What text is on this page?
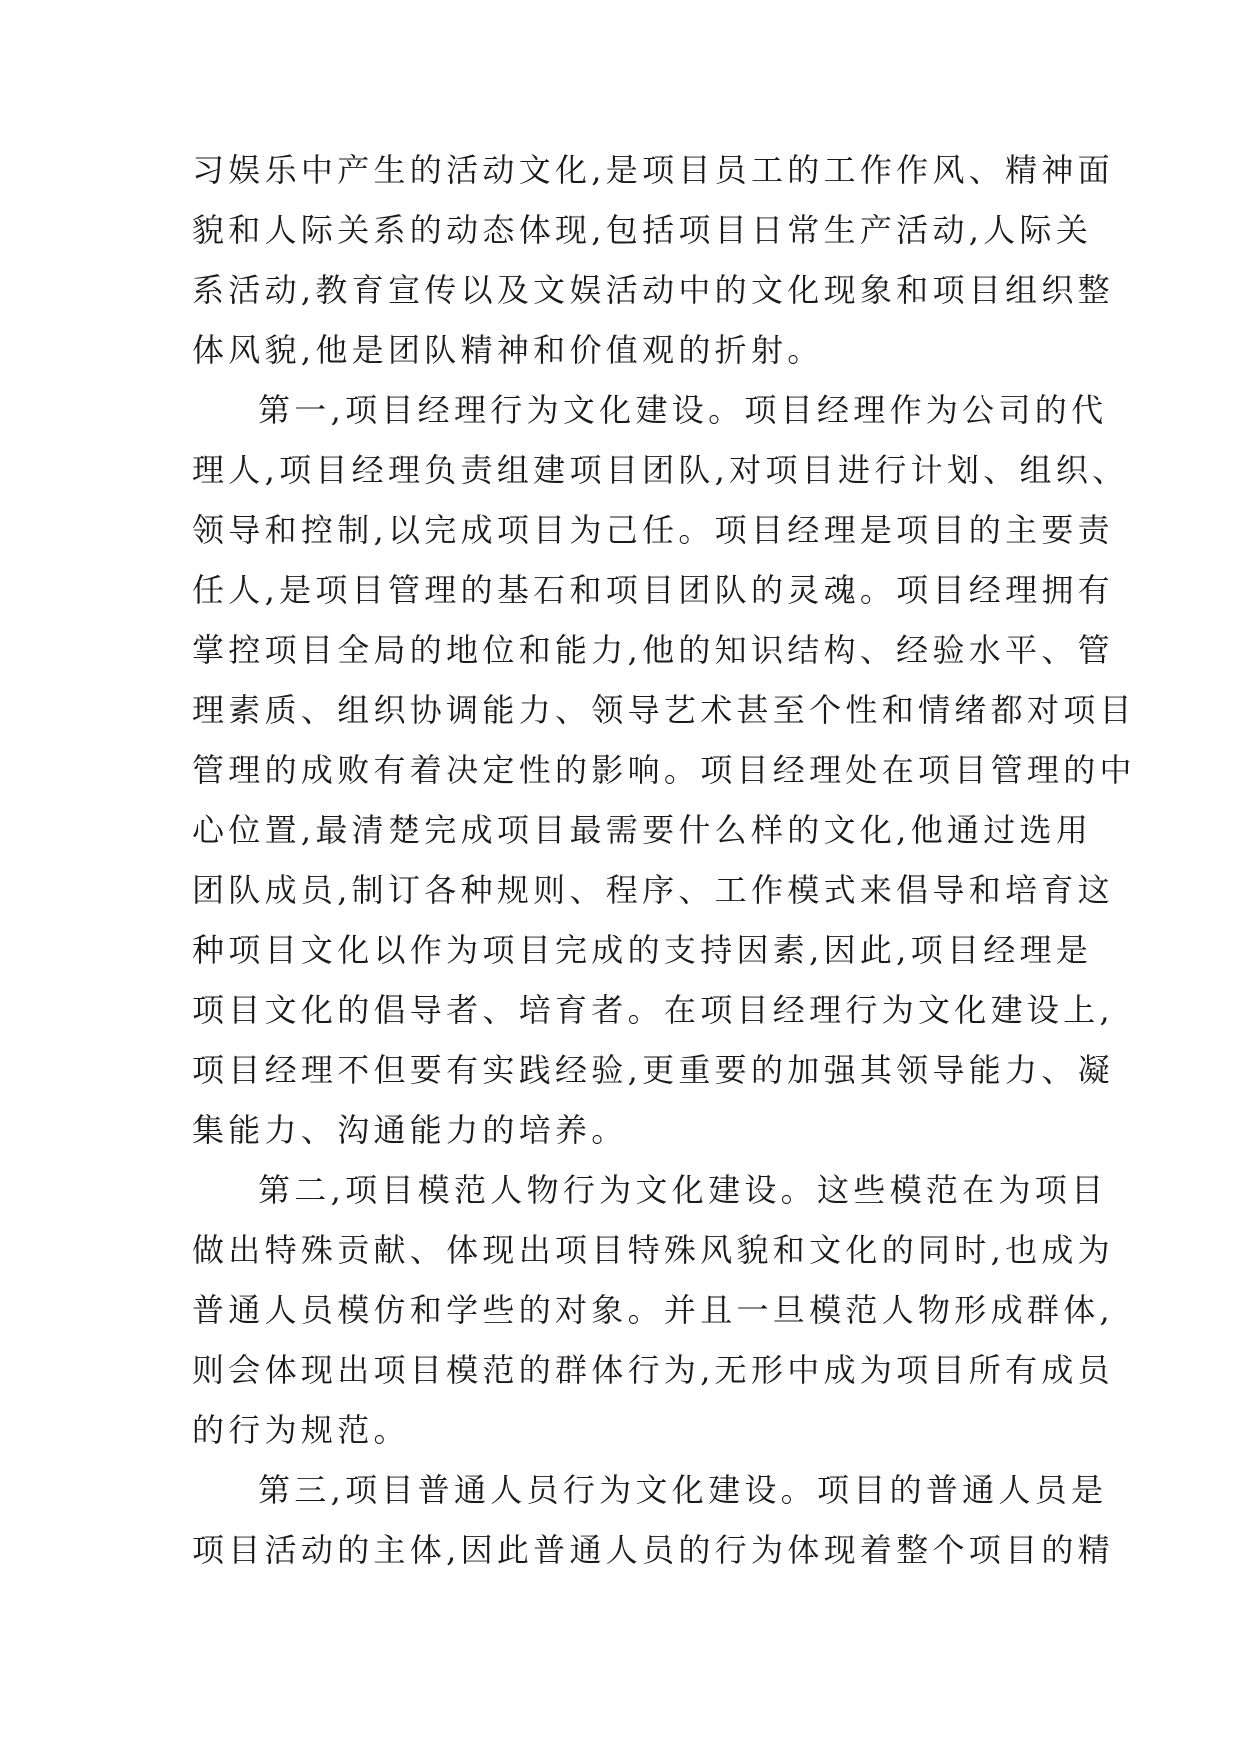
习娱乐中产生的活动文化,是项目员工的工作作风、精神面
貌和人际关系的动态体现,包括项目日常生产活动,人际关
系活动,教育宣传以及文娱活动中的文化现象和项目组织整
体风貌,他是团队精神和价值观的折射。

第一,项目经理行为文化建设。项目经理作为公司的代
理人,项目经理负责组建项目团队,对项目进行计划、组织、
领导和控制,以完成项目为己任。项目经理是项目的主要责
任人,是项目管理的基石和项目团队的灵魂。项目经理拥有
掌控项目全局的地位和能力,他的知识结构、经验水平、管
理素质、组织协调能力、领导艺术甚至个性和情绪都对项目
管理的成败有着决定性的影响。项目经理处在项目管理的中
心位置,最清楚完成项目最需要什么样的文化,他通过选用
团队成员,制订各种规则、程序、工作模式来倡导和培育这
种项目文化以作为项目完成的支持因素,因此,项目经理是
项目文化的倡导者、培育者。在项目经理行为文化建设上,
项目经理不但要有实践经验,更重要的加强其领导能力、凝
集能力、沟通能力的培养。

第二,项目模范人物行为文化建设。这些模范在为项目
做出特殊贡献、体现出项目特殊风貌和文化的同时,也成为
普通人员模仿和学些的对象。并且一旦模范人物形成群体,
则会体现出项目模范的群体行为,无形中成为项目所有成员
的行为规范。

第三,项目普通人员行为文化建设。项目的普通人员是
项目活动的主体,因此普通人员的行为体现着整个项目的精
